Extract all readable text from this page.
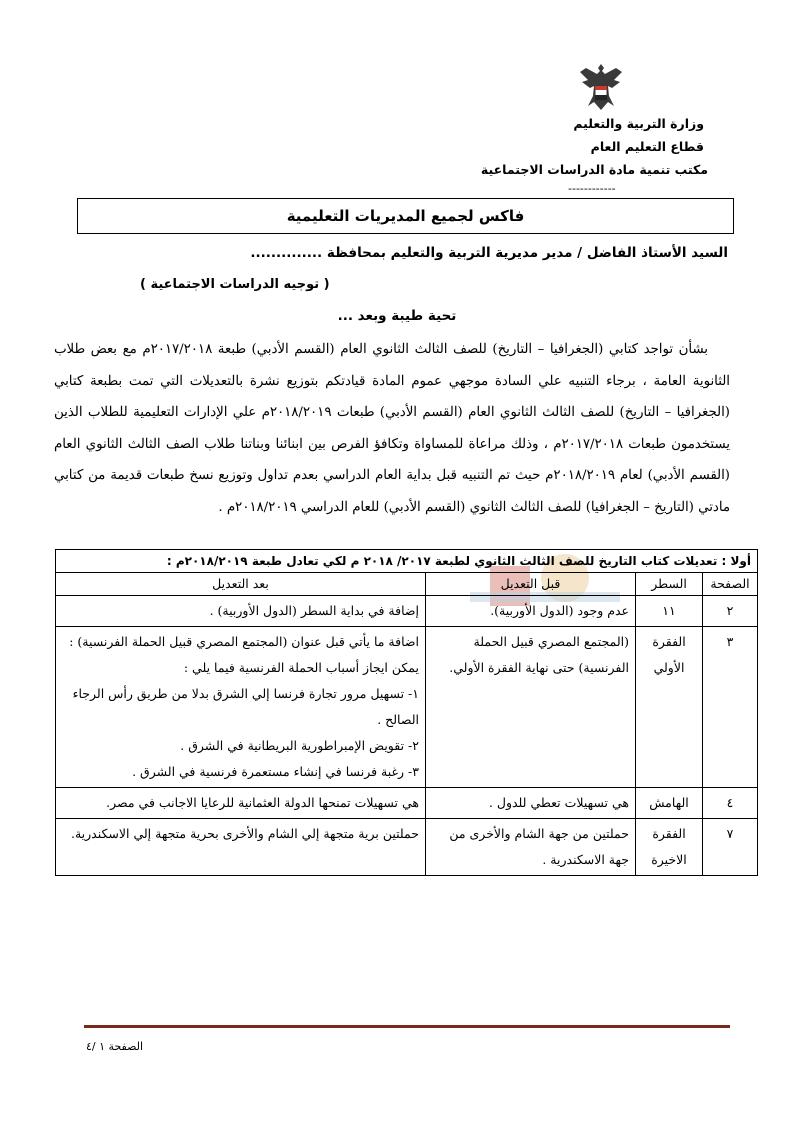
وزارة التربية والتعليم
قطاع التعليم العام
مكتب تنمية مادة الدراسات الاجتماعية
------------
فاكس لجميع المديريات التعليمية
السيد الأستاذ الفاضل / مدير مديرية التربية والتعليم بمحافظة ..............
( توجيه الدراسات الاجتماعية )
تحية طيبة وبعد ...
بشأن تواجد كتابي (الجغرافيا – التاريخ) للصف الثالث الثانوي العام (القسم الأدبي) طبعة ٢٠١٧/٢٠١٨م مع بعض طلاب الثانوية العامة ، برجاء التنبيه علي السادة موجهي عموم المادة قيادتكم بتوزيع نشرة بالتعديلات التي تمت بطبعة كتابي (الجغرافيا – التاريخ) للصف الثالث الثانوي العام (القسم الأدبي) طبعات ٢٠١٨/٢٠١٩م علي الإدارات التعليمية للطلاب الذين يستخدمون طبعات ٢٠١٧/٢٠١٨م ، وذلك مراعاة للمساواة وتكافؤ الفرص بين ابنائنا وبناتنا طلاب الصف الثالث الثانوي العام (القسم الأدبي) لعام ٢٠١٨/٢٠١٩م حيث تم التنبيه قبل بداية العام الدراسي بعدم تداول وتوزيع نسخ طبعات قديمة من كتابي مادتي (التاريخ – الجغرافيا) للصف الثالث الثانوي (القسم الأدبي) للعام الدراسي ٢٠١٨/٢٠١٩م .
أولا : تعديلات كتاب التاريخ للصف الثالث الثانوي لطبعة ٢٠١٧/ ٢٠١٨ م لكي تعادل طبعة ٢٠١٨/٢٠١٩م :			
الصفحة	السطر	قبل التعديل	بعد التعديل
٢	١١	عدم وجود (الدول الأوربية).	إضافة في بداية السطر (الدول الأوربية) .
٣	الفقرة الأولي	(المجتمع المصري قبيل الحملة الفرنسية) حتى نهاية الفقرة الأولي.	اضافة ما يأتي قبل عنوان (المجتمع المصري قبيل الحملة الفرنسية) :
يمكن ايجاز أسباب الحملة الفرنسية فيما يلي :
١- تسهيل مرور تجارة فرنسا إلي الشرق بدلا من طريق رأس الرجاء الصالح .
٢- تقويض الإمبراطورية البريطانية في الشرق .
٣- رغبة فرنسا في إنشاء مستعمرة فرنسية في الشرق .

٤	الهامش	هي تسهيلات تعطي للدول .	هي تسهيلات تمنحها الدولة العثمانية للرعايا الاجانب في مصر.
٧	الفقرة الاخيرة	حملتين من جهة الشام والأخرى من جهة الاسكندرية .	حملتين برية متجهة إلي الشام والأخرى بحرية متجهة إلي الاسكندرية.
الصفحة ١ /٤
